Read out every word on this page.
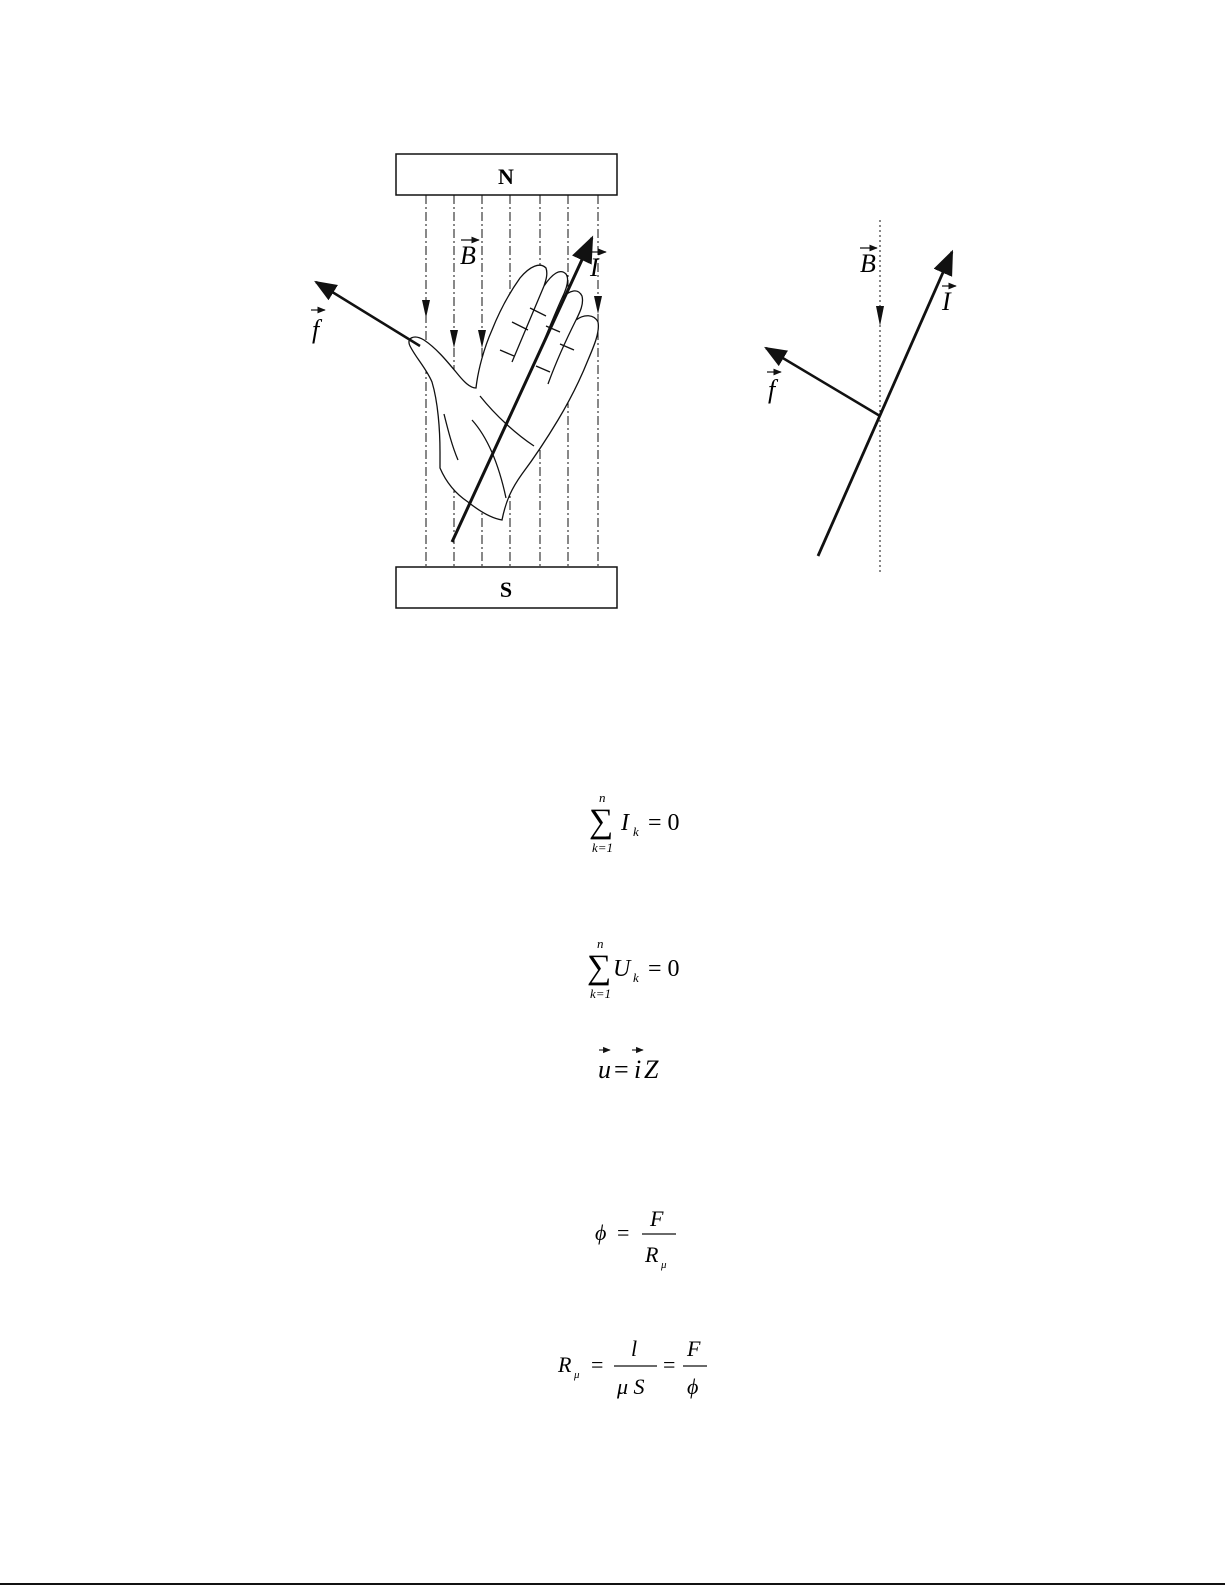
N
S
B	I
f
B
I
f
n
∑
k=1
I k = 0
n
∑
k=1
U k = 0
u = i Z
ϕ =
F
R μ
R μ =
l
μ S
=
F
ϕ
